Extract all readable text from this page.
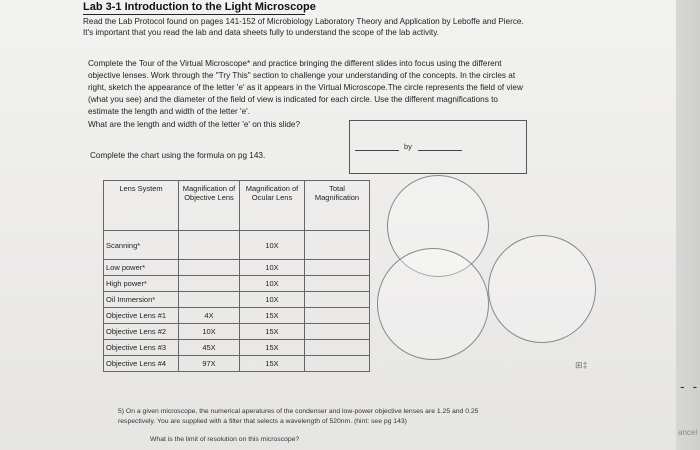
Lab 3-1 Introduction to the Light Microscope
Read the Lab Protocol found on pages 141-152 of Microbiology Laboratory Theory and Application by Leboffe and Pierce.
It's important that you read the lab and data sheets fully to understand the scope of the lab activity.
Complete the Tour of the Virtual Microscope* and practice bringing the different slides into focus using the different
objective lenses. Work through the "Try This" section to challenge your understanding of the concepts. In the circles at
right, sketch the appearance of the letter 'e' as it appears in the Virtual Microscope.The circle represents the field of view
(what you see) and the diameter of the field of view is indicated for each circle. Use the different magnifications to
estimate the length and width of the letter 'e'.
What are the length and width of the letter 'e' on this slide?
by
Complete the chart using the formula on pg 143.
Lens System	Magnification of Objective Lens	Magnification of Ocular Lens	Total Magnification
Scanning*		10X	
Low power*		10X	
High power*		10X	
Oil Immersion*		10X	
Objective Lens #1	4X	15X	
Objective Lens #2	10X	15X	
Objective Lens #3	45X	15X	
Objective Lens #4	97X	15X		⊞‡
5) On a given microscope, the numerical aperatures of the condenser and low-power objective lenses are 1.25 and 0.25
respectively. You are supplied with a filter that selects a wavelength of 520nm. (hint: see pg 143)
What is the limit of resolution on this microscope?
- -
ancel
